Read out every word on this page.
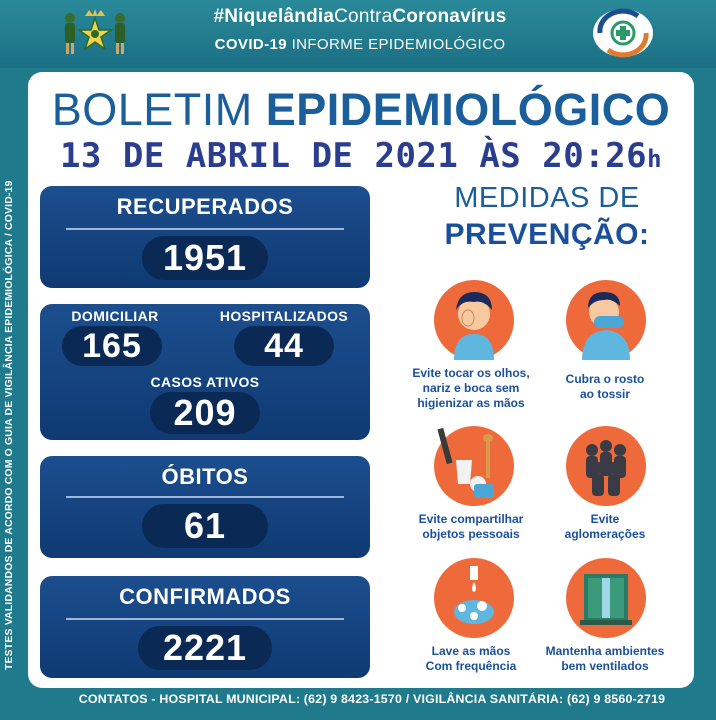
#NiquelândiaContraCoronavírus
COVID-19 INFORME EPIDEMIOLÓGICO
TESTES VALIDANDOS DE ACORDO COM O GUIA DE VIGILÂNCIA EPIDEMIOLÓGICA / COVID-19
BOLETIM EPIDEMIOLÓGICO
13 DE ABRIL DE 2021 ÀS 20:26h
RECUPERADOS
1951
DOMICILIAR	HOSPITALIZADOS
165	44
CASOS ATIVOS
209
ÓBITOS
61
CONFIRMADOS
2221
MEDIDAS DE
PREVENÇÃO:
Evite tocar os olhos,
nariz e boca sem
higienizar as mãos
Cubra o rosto
ao tossir
Evite compartilhar
objetos pessoais
Evite
aglomerações
Lave as mãos
Com frequência
Mantenha ambientes
bem ventilados
CONTATOS - HOSPITAL MUNICIPAL: (62) 9 8423-1570 / VIGILÂNCIA SANITÁRIA: (62) 9 8560-2719
